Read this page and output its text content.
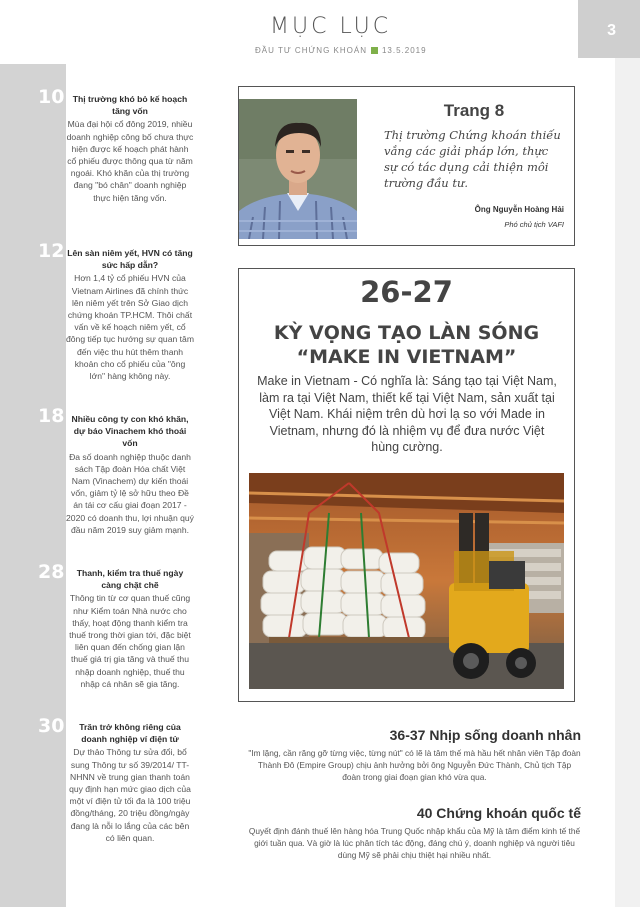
MỤC LỤC
ĐẦU TƯ CHỨNG KHOÁN 13.5.2019
3
10 Thị trường khó bỏ kế hoạch tăng vốn
Mùa đại hội cổ đông 2019, nhiều doanh nghiệp công bố chưa thực hiện được kế hoạch phát hành cổ phiếu được thông qua từ năm ngoái. Khó khăn của thị trường đang "bó chân" doanh nghiệp thực hiện tăng vốn.
12 Lên sàn niêm yết, HVN có tăng sức hấp dẫn?
Hơn 1,4 tỷ cổ phiếu HVN của Vietnam Airlines đã chính thức lên niêm yết trên Sở Giao dịch chứng khoán TP.HCM. Thôi chất vấn về kế hoạch niêm yết, cổ đông tiếp tục hướng sự quan tâm đến việc thu hút thêm thanh khoản cho cổ phiếu của "ông lớn" hàng không này.
18 Nhiều công ty con khó khăn, dự báo Vinachem khó thoái vốn
Đa số doanh nghiệp thuộc danh sách Tập đoàn Hóa chất Việt Nam (Vinachem) dự kiến thoái vốn, giảm tỷ lệ sở hữu theo Đề án tái cơ cấu giai đoạn 2017 - 2020 có doanh thu, lợi nhuận quý đầu năm 2019 suy giảm mạnh.
28	Thanh, kiểm tra thuế ngày càng chặt chẽ
Thông tin từ cơ quan thuế cũng như Kiểm toán Nhà nước cho thấy, hoạt động thanh kiểm tra thuế trong thời gian tới, đặc biệt liên quan đến chống gian lận thuế giá trị gia tăng và thuế thu nhập doanh nghiệp, thuế thu nhập cá nhân sẽ gia tăng.
30	Trăn trở không riêng của doanh nghiệp ví điện tử
Dự thảo Thông tư sửa đổi, bổ sung Thông tư số 39/2014/ TT-NHNN về trung gian thanh toán quy định hạn mức giao dịch của một ví điện tử tối đa là 100 triệu đồng/tháng, 20 triệu đồng/ngày đang là nỗi lo lắng của các bên có liên quan.
Trang 8
Thị trường Chứng khoán thiếu vắng các giải pháp lớn, thực sự có tác dụng cải thiện môi trường đầu tư.
Ông Nguyễn Hoàng Hải
Phó chủ tịch VAFI
26-27
KỲ VỌNG TẠO LÀN SÓNG
“MAKE IN VIETNAM”
Make in Vietnam - Có nghĩa là: Sáng tạo tại Việt Nam, làm ra tại Việt Nam, thiết kế tại Việt Nam, sản xuất tại Việt Nam. Khái niệm trên dù hơi lạ so với Made in Vietnam, nhưng đó là nhiệm vụ để đưa nước Việt hùng cường.
36-37 Nhịp sống doanh nhân
"Im lặng, cần răng gỡ từng việc, từng nút" có lẽ là tâm thế mà hầu hết nhân viên Tập đoàn Thành Đô (Empire Group) chịu ảnh hưởng bởi ông Nguyễn Đức Thành, Chủ tịch Tập đoàn trong giai đoạn gian khó vừa qua.
40 Chứng khoán quốc tế
Quyết định đánh thuế lên hàng hóa Trung Quốc nhập khẩu của Mỹ là tâm điểm kinh tế thế giới tuần qua. Và giờ là lúc phân tích tác động, đáng chú ý, doanh nghiệp và người tiêu dùng Mỹ sẽ phải chịu thiệt hại nhiều nhất.
